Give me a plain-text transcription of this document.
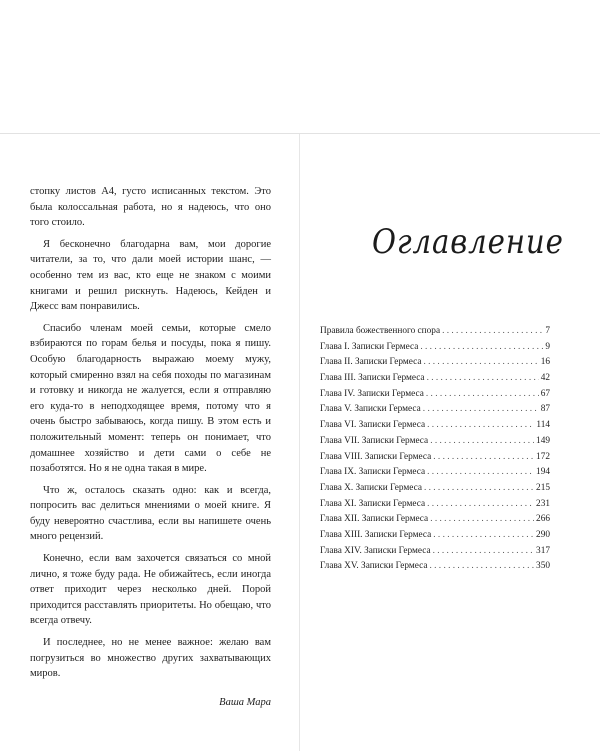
стопку листов А4, густо исписанных текстом. Это была колоссальная работа, но я надеюсь, что оно того стоило.

Я бесконечно благодарна вам, мои дорогие читатели, за то, что дали моей истории шанс, — особенно тем из вас, кто еще не знаком с моими книгами и решил рискнуть. Надеюсь, Кейден и Джесс вам понравились.

Спасибо членам моей семьи, которые смело взбираются по горам белья и посуды, пока я пишу. Особую благодарность выражаю моему мужу, который смиренно взял на себя походы по магазинам и готовку и никогда не жалуется, если я отправляю его куда-то в неподходящее время, потому что я очень быстро забываюсь, когда пишу. В этом есть и положительный момент: теперь он понимает, что домашнее хозяйство и дети сами о себе не позаботятся. Но я не одна такая в мире.

Что ж, осталось сказать одно: как и всегда, попросить вас делиться мнениями о моей книге. Я буду невероятно счастлива, если вы напишете очень много рецензий.

Конечно, если вам захочется связаться со мной лично, я тоже буду рада. Не обижайтесь, если иногда ответ приходит через несколько дней. Порой приходится расставлять приоритеты. Но обещаю, что всегда отвечу.

И последнее, но не менее важное: желаю вам погрузиться во множество других захватывающих миров.

Ваша Мара
Оглавление
Правила божественного спора . . .	7
Глава I. Записки Гермеса . . .	9
Глава II. Записки Гермеса . . .	16
Глава III. Записки Гермеса . . .	42
Глава IV. Записки Гермеса . . .	67
Глава V. Записки Гермеса . . .	87
Глава VI. Записки Гермеса . . .	114
Глава VII. Записки Гермеса . . .	149
Глава VIII. Записки Гермеса . . .	172
Глава IX. Записки Гермеса . . .	194
Глава X. Записки Гермеса . . .	215
Глава XI. Записки Гермеса . . .	231
Глава XII. Записки Гермеса . . .	266
Глава XIII. Записки Гермеса . . .	290
Глава XIV. Записки Гермеса . . .	317
Глава XV. Записки Гермеса . . .	350
